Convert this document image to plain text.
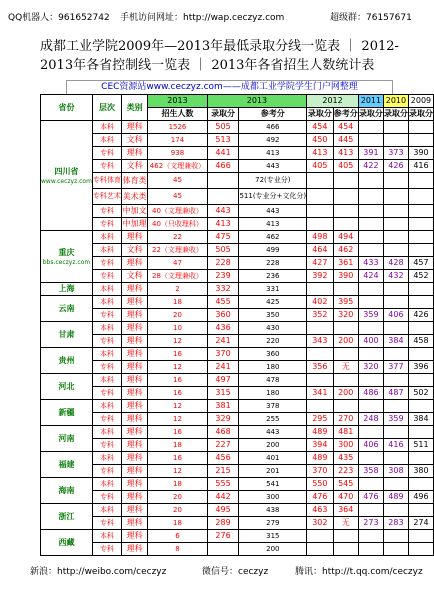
QQ机器人：961652742 手机访问网址：http://wap.ceczyz.com	超级群：76157671
成都工业学院2009年—2013年最低录取分线一览表 ｜ 2012-
2013年各省控制线一览表 ｜ 2013年各省招生人数统计表
CEC资源站www.ceczyz.com——成都工业学院学生门户网整理
省份	层次	类别	2013	2013		2012		2011	2010	2009
			招生人数	录取分	参考分	录取分	参考分	录取分	录取分	录取分
四川省
www.ceczyz.com	本科	理科	1526	505	466	454	454			
	本科	文科	174	513	492	450	445			
	专科	理科	938	441	413	413	413	391	373	390
	专科	文科	462（文理兼收）	466	443	405	405	422	426	416
	专科体育	体育类	45		72(专业分)					
	专科艺术	美术类	45		511(专业分+文化分)					
	专科	中加文	40（文理兼收）	443	443					
	专科	中加理	40（只收理科）	413	413					
重庆
bbs.ceczyz.com	本科	理科	22	475	462	498	494			
	本科	文科	22（文理兼收）	505	499	464	462			
	专科	理科	47	228	228	427	361	433	428	457
	专科	文科	28（文理兼收）	239	236	392	390	424	432	452
上海	本科	理科	2	332	331					
云南	本科	理科	18	455	425	402	395			
	专科	理科	20	360	350	352	320	359	406	426
甘肃	本科	理科	10	436	430					
	专科	理科	12	241	220	343	200	400	384	458
贵州	本科	理科	16	370	360					
	专科	理科	12	241	180	356	无	320	377	396
河北	本科	理科	16	497	478					
	专科	理科	16	315	180	341	200	486	487	502
新疆	本科	理科	12	381	378					
	专科	理科	12	329	255	295	270	248	359	384
河南	本科	理科	16	468	443	489	481			
	专科	理科	18	227	200	394	300	406	416	511
福建	本科	理科	16	456	401	489	435			
	专科	理科	12	215	201	370	223	358	308	380
海南	本科	理科	18	555	541	550	545			
	专科	理科	20	442	300	476	470	476	489	496
浙江	本科	理科	20	495	438	463	364			
	专科	理科	18	289	279	302	无	273	283	274
西藏	本科	理科	6	276	315					
	专科	理科	8		200					
新浪：http://weibo.com/ceczyz	微信号：ceczyz	腾讯：http://t.qq.com/ceczyz
